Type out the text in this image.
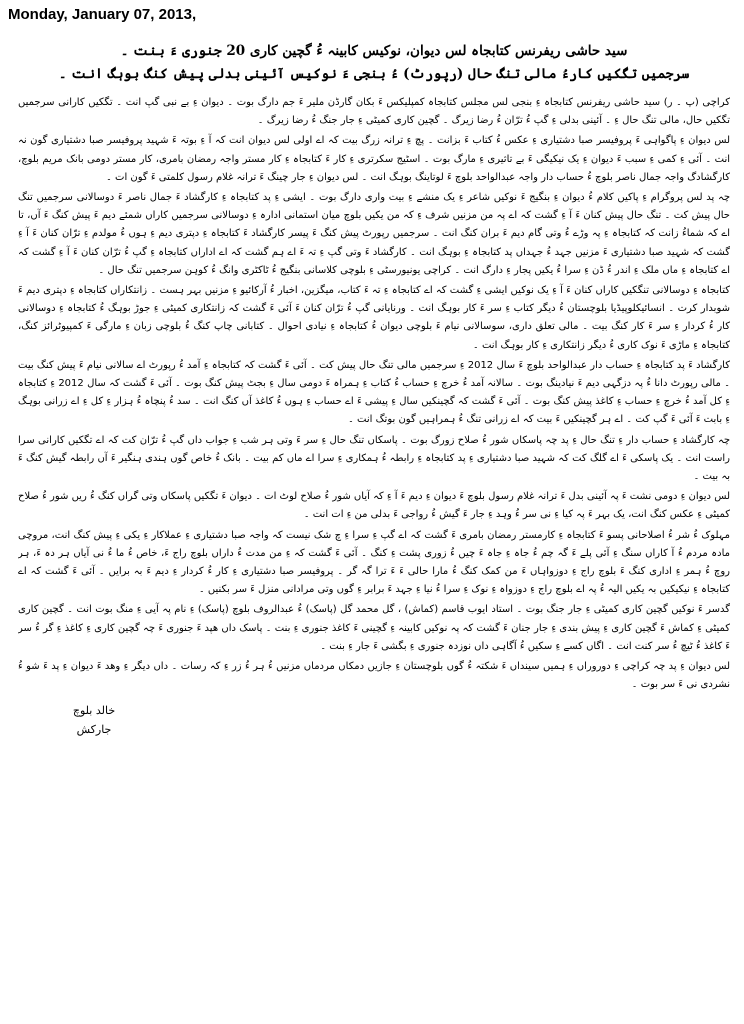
Monday, January 07, 2013,
سید حاشی ریفرنس کتابجاہ لس دیوان، نوکیس کابینہ ءُ گچین کاری 20 جنوری ءَ بنت ۔
سرجمیں تگکیں کارءُ مالی تنگ حال (رپورٹ) ءُ بنجی ءَ نوکیس آئینی بدلی پیش کنگ بوہگ انت ۔

کراچی (پ ۔ ر) سید حاشی ریفرنس کتابجاہ ءِ بنجی لس مجلس کتابجاہ کمپلیکس ءَ بکان گارڈن ملیر ءَ جم دارگ بوت ۔ دیوان ءِ بے نبی گپ انت ۔ تگکیں کارانی سرجمیں تگکیں حال، مالی تنگ حال ءِ ۔ آئینی بدلی ءِ گپ ءُ ترّان ءُ رضا زیرگ ۔ گچین کاری کمیٹی ءِ جار جنگ ءُ رضا زیرگ ۔

لس دیوان ءِ پاگواہی ءَ پروفیسر صبا دشتیاری ءِ عکس ءُ کتاب ءَ بزانت ۔ پچ ءِ ترانہ زرگ بیت کہ اے اولی لس دیوان انت کہ آ ءِ بوتہ ءَ شہید پروفیسر صبا دشتیاری گون نہ انت ۔ آئی ءِ کمی ءِ سبب ءَ دیوان ءِ یک نیکیگی ءَ بے تاثیری ءِ مارگ بوت ۔ اسٹیج سکرتری ءِ کار ءَ کتابجاہ ءِ کار مستر واجہ رمضان بامری، کار مستر دومی بانک مریم بلوچ، کارگشادگ واجہ جمال ناصر بلوچ ءُ حساب دار واجہ عبدالواحد بلوچ ءَ لوتاینگ بوہگ انت ۔ لس دیوان ءِ جار چینگ ءَ ترانہ غلام رسول کلمتی ءَ گون ات ۔

چہ پد لس پروگرام ءِ پاکیں کلام ءُ دیوان ءِ بنگیج ءَ نوکیں شاعر ءِ یک منشے ءِ بیت واری دارگ بوت ۔ ایشی ءِ پد کتابجاہ ءِ کارگشاد ءَ جمال ناصر ءَ دوسالانی سرجمیں تنگ حال پیش کت ۔ تنگ حال پیش کنان ءَ آ ءِ گشت کہ اے پہ من مزنیں شرف ءِ کہ من یکیں بلوچ میان استمانی ادارہ ءِ دوسالانی سرجمیں کاراں شمئے دیم ءَ پیش کنگ ءَ آں، تا اے کہ شماءُ زانت کہ کتابجاہ ءِ پہ وڑے ءُ وتی گام دیم ءَ بران کنگ انت ۔ سرجمیں رپورٹ پیش کنگ ءَ پیسر کارگشاد ءَ کتابجاہ ءِ دپتری دیم ءِ ہوں ءُ مولدم ءِ ترّان کنان ءَ آ ءِ گشت کہ شہید صبا دشتیاری ءَ مزنیں جہد ءُ جہداں پد کتابجاہ ءِ بوہگ انت ۔ کارگشاد ءَ وتی گپ ءِ تہ ءَ اے ہم گشت کہ اے اداراں کتابجاہ ءِ گپ ءُ ترّان کنان ءَ آ ءِ گشت کہ اے کتابجاہ ءِ ماں ملک ءِ اندر ءُ ڈن ءِ سرا ءُ یکیں پجار ءِ دارگ انت ۔ کراچی یونیورسٹی ءِ بلوچی کلاسانی بنگیج ءُ ٹاکٹری وانگ ءُ کوہن سرجمیں تنگ حال ۔

کتابجاہ ءِ دوسالانی تنگکیں کاراں کنان ءَ آ ءِ یک نوکیں ایشی ءِ گشت کہ اے کتابجاہ ءِ تہ ءَ کتاب، میگزین، اخبار ءُ آرکائیو ءِ مزنیں بہر ہست ۔ زانتکاراں کتابجاہ ءِ دپتری دیم ءَ شوبدار کرت ۔ انسائیکلوپیڈیا بلوچستان ءُ دیگر کتاب ءِ سر ءَ کار بوہگ انت ۔ ورنایانی گپ ءُ ترّان کنان ءَ آئی ءَ گشت کہ زانتکاری کمیٹی ءِ جوڑ بوہگ ءُ کتابجاہ ءِ دوسالانی کار ءُ کردار ءِ سر ءَ کار کنگ بیت ۔ مالی تعلق داری، سوسالانی نیام ءَ بلوچی دیوان ءُ کتابجاہ ءِ نیادی احوال ۔ کتابانی چاپ کنگ ءُ بلوچی زبان ءِ مارگی ءَ کمپیوٹرائز کنگ، کتابجاہ ءِ ماڑی ءَ نوک کاری ءُ دیگر زانتکاری ءِ کار بوہگ انت ۔

کارگشاد ءَ پد کتابجاہ ءِ حساب دار عبدالواحد بلوچ ءَ سال 2012 ءِ سرجمیں مالی تنگ حال پیش کت ۔ آئی ءَ گشت کہ کتابجاہ ءِ آمد ءُ رپورٹ اے سالانی نیام ءَ پیش کنگ بیت ۔ مالی رپورٹ دانا ءُ پہ دزگہی دیم ءَ نیادینگ بوت ۔ سالانہ آمد ءُ خرچ ءِ حساب ءُ کتاب ءِ ہمراہ ءَ دومی سال ءِ بجٹ پیش کنگ بوت ۔ آئی ءَ گشت کہ سال 2012 ءِ کتابجاہ ءِ کل آمد ءُ خرچ ءِ حساب ءِ کاغذ پیش کنگ بوت ۔ آئی ءَ گشت کہ گچینکیں سال ءِ پیشی ءَ اے حساب ءِ ہوں ءُ کاغذ آں کنگ انت ۔ سد ءُ پنچاہ ءُ ہزار ءِ کل ءِ اے زرانی بوہگ ءِ بابت ءَ آئی ءَ گپ کت ۔ اے ہر گچینکیں ءَ بیت کہ اے زرانی تنگ ءُ ہمراہیں گون بوتگ انت ۔

چہ کارگشاد ءِ حساب دار ءِ تنگ حال ءِ پد چہ پاسکاں شور ءُ صلاح زورگ بوت ۔ پاسکاں تنگ حال ءِ سر ءَ وتی ہر شب ءِ جواب داں گپ ءُ ترّان کت کہ اے تگکیں کارانی سرا راست انت ۔ یک پاسکی ءَ اے گلگ کت کہ شہید صبا دشتیاری ءِ پد کتابجاہ ءِ رابطہ ءُ ہمکاری ءِ سرا اے ماں کم بیت ۔ بانک ءُ خاص گوں ہندی ہنگیر ءَ آں رابطہ گیش کنگ ءَ بہ بیت ۔

لس دیوان ءِ دومی نشت ءَ پہ آئینی بدل ءَ ترانہ غلام رسول بلوچ ءَ دیوان ءِ دیم ءَ آ ءِ کہ آیاں شور ءُ صلاح لوٹ ات ۔ دیوان ءَ تگکیں پاسکاں وتی گراں کنگ ءُ ریں شور ءُ صلاح کمیٹی ءِ عکس کنگ انت، یک بہر ءَ پہ کیا ءِ نی سر ءُ وہد ءِ جار ءَ گیش ءُ رواجی ءَ بدلی من ءِ ات انت ۔

مہلوک ءُ شر ءُ اصلاحانی پسو ءَ کتابجاہ ءِ کارمستر رمضان بامری ءَ گشت کہ اے گپ ءِ سرا ءِ چ شک نیست کہ واجہ صبا دشتیاری ءِ عملاکار ءِ یکی ءِ پیش کنگ انت، مروچی مادہ مردم ءُ آ کاراں سنگ ءِ آئی پلے ءَ گہ چم ءُ جاہ ءِ جاہ ءَ چیں ءُ زوری پشت ءِ کنگ ۔ آئی ءَ گشت کہ ءِ من مدت ءُ داراں بلوچ راج ءَ، خاص ءُ ما ءُ نی آیاں ہر دہ ءَ، ہر روچ ءُ ہمر ءِ اداری کنگ ءَ بلوچ راج ءِ دوزواہاں ءَ من کمک کنگ ءُ مارا حالی ءَ ءَ ترا گہ گر ۔ پروفیسر صبا دشتیاری ءِ کار ءُ کردار ءِ دیم ءَ بہ برایں ۔ آئی ءَ گشت کہ اے کتابجاہ ءِ نیکیکیں بہ یکیں الیہ ءُ پہ اے بلوچ راج ءِ دوزواہ ءِ نوک ءِ سرا ءُ نیا ءِ جہد ءَ برابر ءِ گوں وتی مرادانی منزل ءَ سر بکنیں ۔

گدسر ءَ نوکیں گچین کاری کمیٹی ءِ جار جنگ بوت ۔ استاد ایوب قاسم (کماش) ، گل محمد گل (پاسک) ءُ عبدالروف بلوچ (پاسک) ءِ نام پہ آیی ءِ منگ بوت انت ۔ گچین کاری کمیٹی ءِ کماش ءَ گچین کاری ءِ پیش بندی ءِ جار جنان ءَ گشت کہ پہ نوکیں کابینہ ءِ گچینی ءَ کاغذ جنوری ءِ بنت ۔ پاسک داں ھپد ءَ جنوری ءَ چہ گچین کاری ءِ کاغذ ءِ گر ءُ سر ءَ کاغذ ءُ ٹیچ ءُ سر کنت انت ۔ اگاں کسے ءِ سکیں ءُ آگاہی داں نوزدہ جنوری ءِ بگشی ءَ جار ءِ بنت ۔

لس دیوان ءِ پد چہ کراچی ءِ دوروراں ءِ ہمیں سینداں ءَ شکتہ ءُ گوں بلوچستان ءِ جازیں دمکاں مردماں مزنیں ءُ ہر ءُ زر ءِ کہ رسات ۔ داں دیگر ءِ وھد ءَ دیوان ءِ پد ءَ شو ءُ نشردی نی ءَ سر بوت ۔

خالد بلوچ
جارکش
